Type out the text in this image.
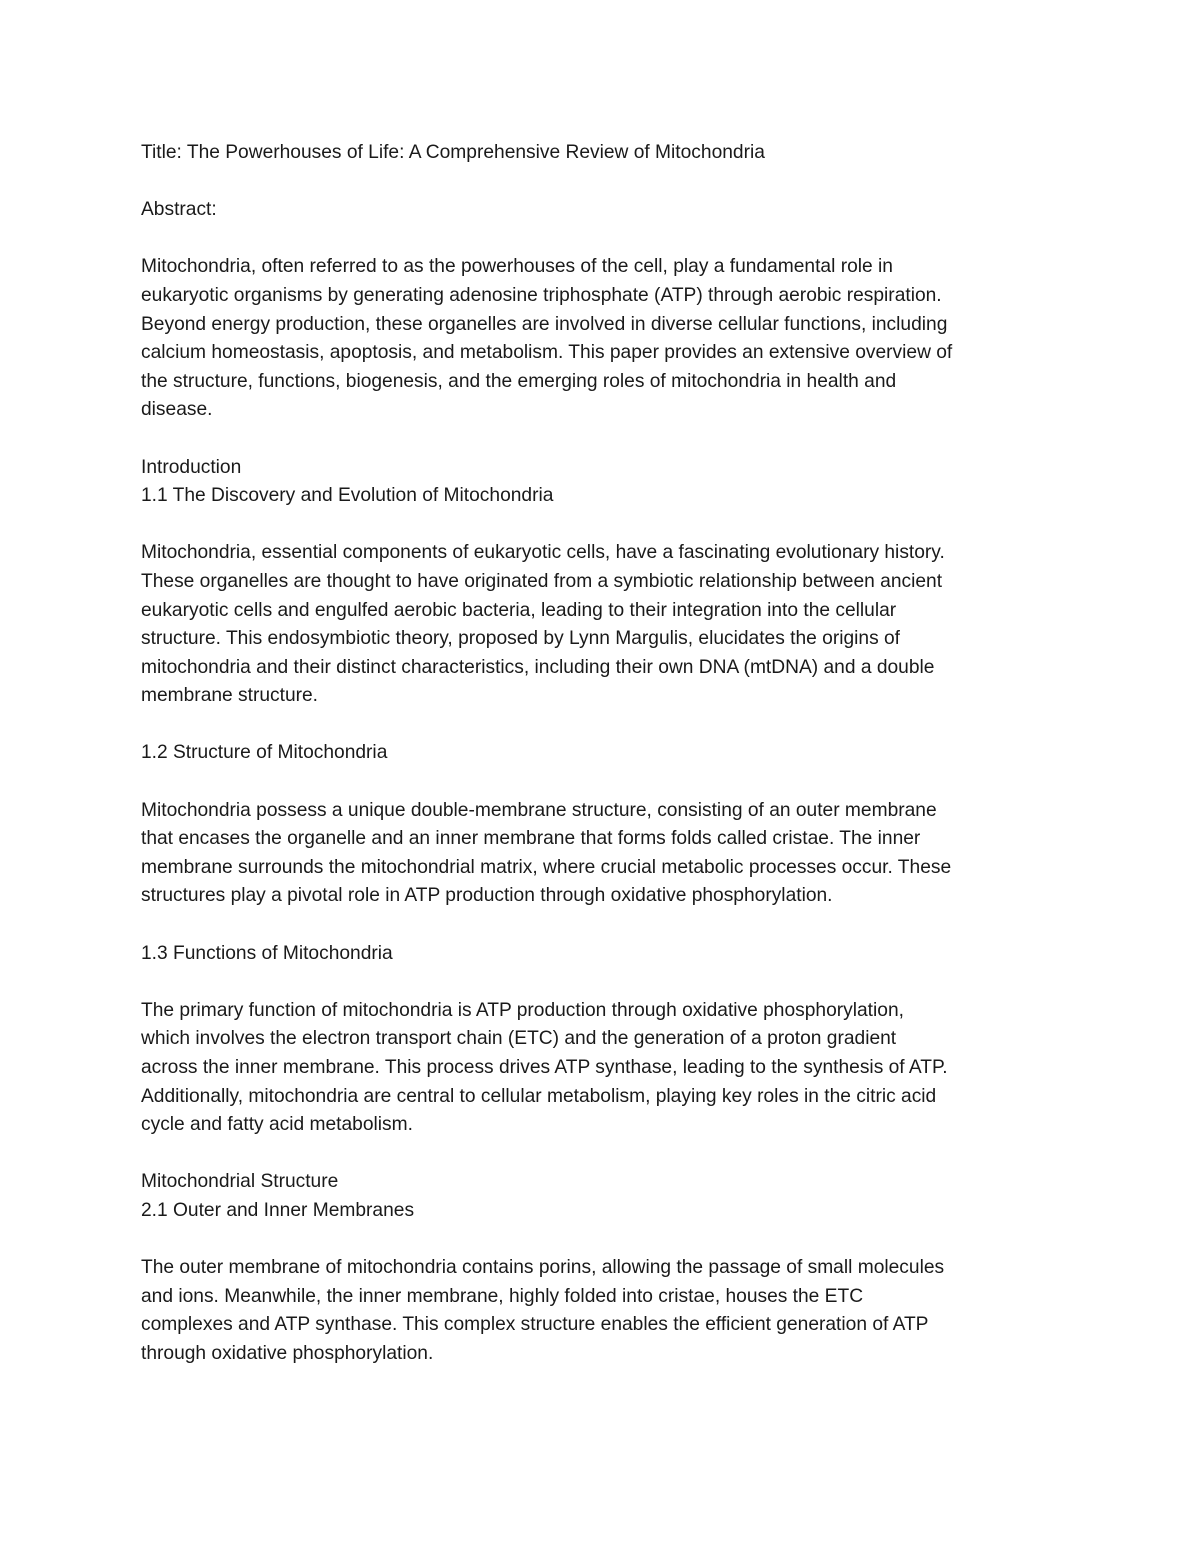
Title: The Powerhouses of Life: A Comprehensive Review of Mitochondria

Abstract:

Mitochondria, often referred to as the powerhouses of the cell, play a fundamental role in
eukaryotic organisms by generating adenosine triphosphate (ATP) through aerobic respiration.
Beyond energy production, these organelles are involved in diverse cellular functions, including
calcium homeostasis, apoptosis, and metabolism. This paper provides an extensive overview of
the structure, functions, biogenesis, and the emerging roles of mitochondria in health and
disease.

Introduction

1.1 The Discovery and Evolution of Mitochondria

Mitochondria, essential components of eukaryotic cells, have a fascinating evolutionary history.
These organelles are thought to have originated from a symbiotic relationship between ancient
eukaryotic cells and engulfed aerobic bacteria, leading to their integration into the cellular
structure. This endosymbiotic theory, proposed by Lynn Margulis, elucidates the origins of
mitochondria and their distinct characteristics, including their own DNA (mtDNA) and a double
membrane structure.

1.2 Structure of Mitochondria

Mitochondria possess a unique double-membrane structure, consisting of an outer membrane
that encases the organelle and an inner membrane that forms folds called cristae. The inner
membrane surrounds the mitochondrial matrix, where crucial metabolic processes occur. These
structures play a pivotal role in ATP production through oxidative phosphorylation.

1.3 Functions of Mitochondria

The primary function of mitochondria is ATP production through oxidative phosphorylation,
which involves the electron transport chain (ETC) and the generation of a proton gradient
across the inner membrane. This process drives ATP synthase, leading to the synthesis of ATP.
Additionally, mitochondria are central to cellular metabolism, playing key roles in the citric acid
cycle and fatty acid metabolism.

Mitochondrial Structure

2.1 Outer and Inner Membranes

The outer membrane of mitochondria contains porins, allowing the passage of small molecules
and ions. Meanwhile, the inner membrane, highly folded into cristae, houses the ETC
complexes and ATP synthase. This complex structure enables the efficient generation of ATP
through oxidative phosphorylation.
